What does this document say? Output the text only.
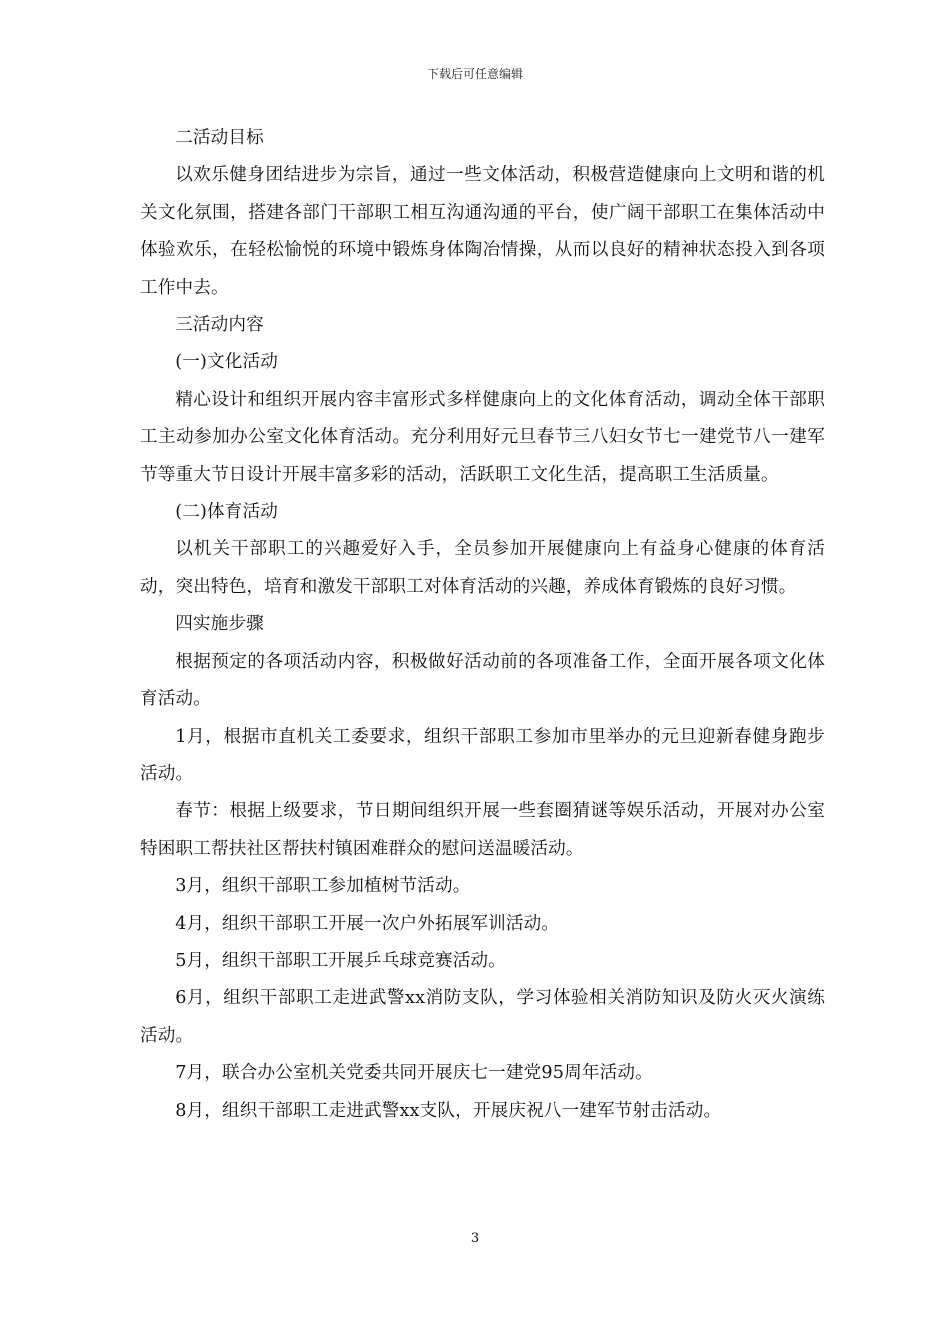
下载后可任意编辑

二活动目标

以欢乐健身团结进步为宗旨，通过一些文体活动，积极营造健康向上文明和谐的机关文化氛围，搭建各部门干部职工相互沟通沟通的平台，使广阔干部职工在集体活动中体验欢乐，在轻松愉悦的环境中锻炼身体陶冶情操，从而以良好的精神状态投入到各项工作中去。

三活动内容

(一)文化活动

精心设计和组织开展内容丰富形式多样健康向上的文化体育活动，调动全体干部职工主动参加办公室文化体育活动。充分利用好元旦春节三八妇女节七一建党节八一建军节等重大节日设计开展丰富多彩的活动，活跃职工文化生活，提高职工生活质量。

(二)体育活动

以机关干部职工的兴趣爱好入手，全员参加开展健康向上有益身心健康的体育活动，突出特色，培育和激发干部职工对体育活动的兴趣，养成体育锻炼的良好习惯。

四实施步骤

根据预定的各项活动内容，积极做好活动前的各项准备工作，全面开展各项文化体育活动。

1月，根据市直机关工委要求，组织干部职工参加市里举办的元旦迎新春健身跑步活动。

春节：根据上级要求，节日期间组织开展一些套圈猜谜等娱乐活动，开展对办公室特困职工帮扶社区帮扶村镇困难群众的慰问送温暖活动。

3月，组织干部职工参加植树节活动。

4月，组织干部职工开展一次户外拓展军训活动。

5月，组织干部职工开展乒乓球竞赛活动。

6月，组织干部职工走进武警xx消防支队，学习体验相关消防知识及防火灭火演练活动。

7月，联合办公室机关党委共同开展庆七一建党95周年活动。

8月，组织干部职工走进武警xx支队，开展庆祝八一建军节射击活动。

3
